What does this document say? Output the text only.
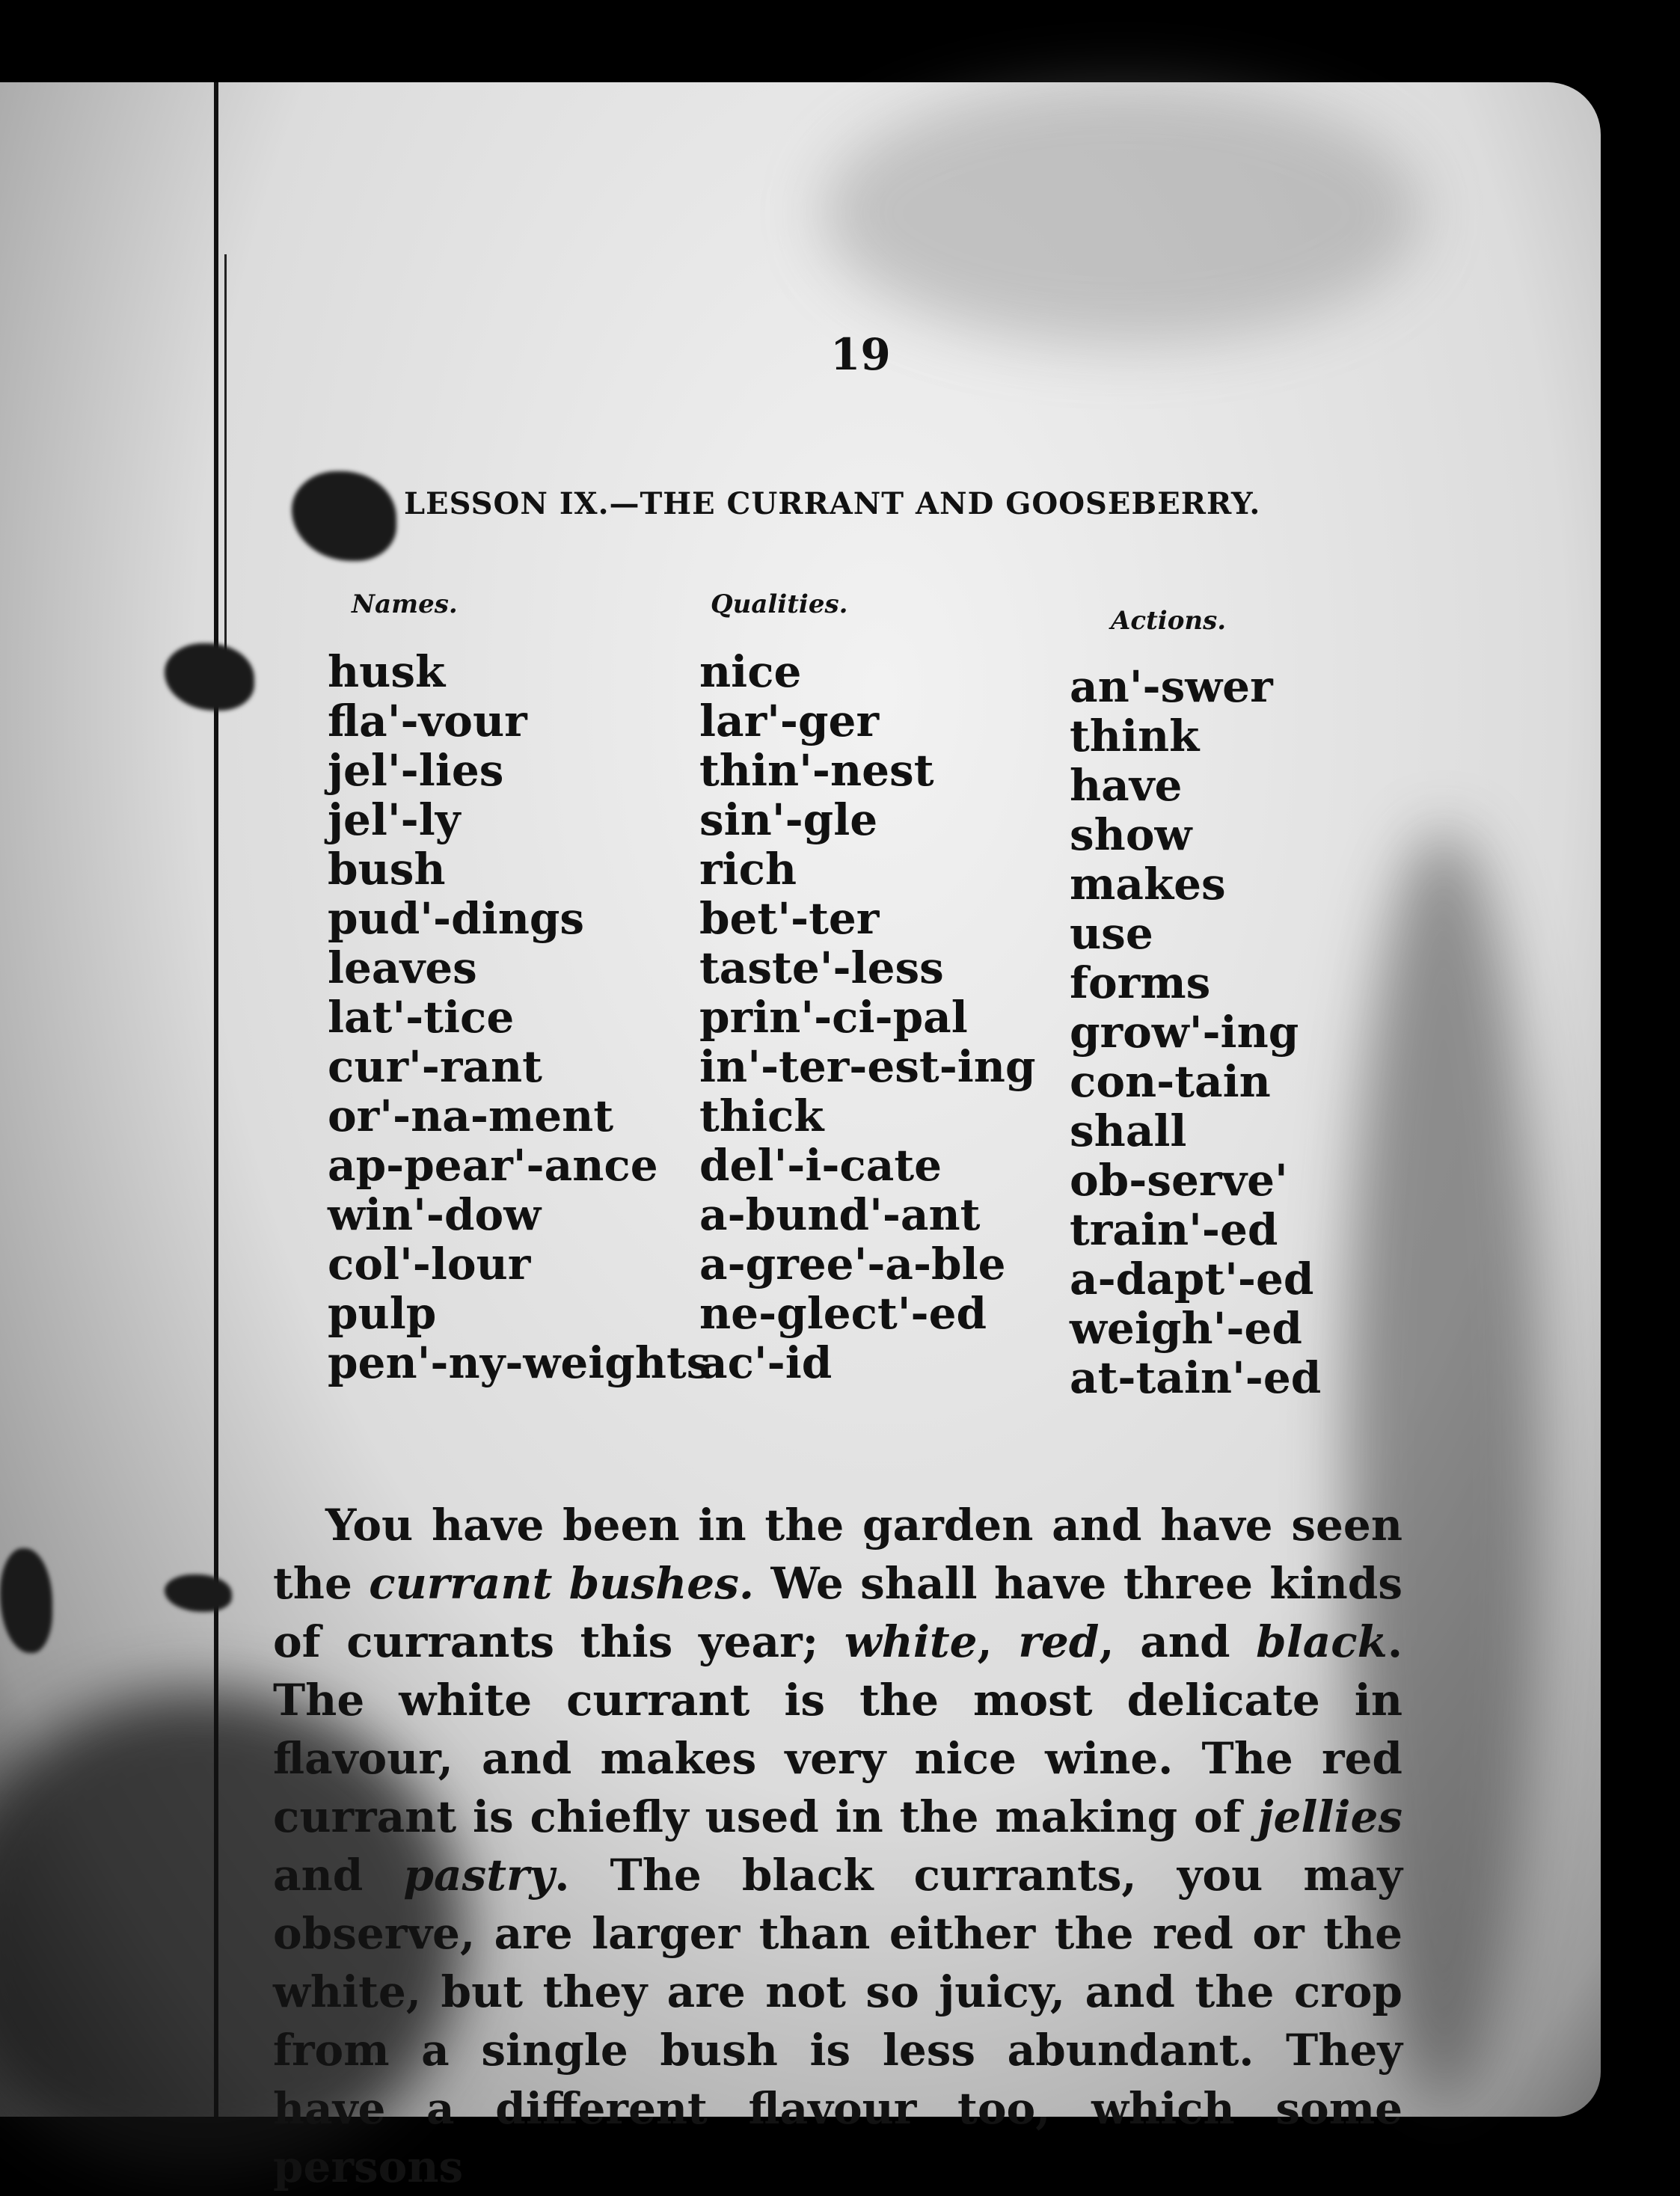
19
LESSON IX.—THE CURRANT AND GOOSEBERRY.
Names.	Qualities.
Actions.
husk
fla'-vour
jel'-lies
jel'-ly
bush
pud'-dings
leaves
lat'-tice
cur'-rant
or'-na-ment
ap-pear'-ance
win'-dow
col'-lour
pulp
pen'-ny-weights
nice
lar'-ger
thin'-nest
sin'-gle
rich
bet'-ter
taste'-less
prin'-ci-pal
in'-ter-est-ing
thick
del'-i-cate
a-bund'-ant
a-gree'-a-ble
ne-glect'-ed
ac'-id
an'-swer
think
have
show
makes
use
forms
grow'-ing
con-tain
shall
ob-serve'
train'-ed
a-dapt'-ed
weigh'-ed
at-tain'-ed
You have been in the garden and have seen the currant bushes. We shall have three kinds of currants this year; white, red, and black. The white currant is the most delicate in flavour, and makes very nice wine. The red currant is chiefly used in the making of jellies and pastry. The black currants, you may observe, are larger than either the red or the white, but they are not so juicy, and the crop from a single bush is less abundant. They have a different flavour too, which some persons
